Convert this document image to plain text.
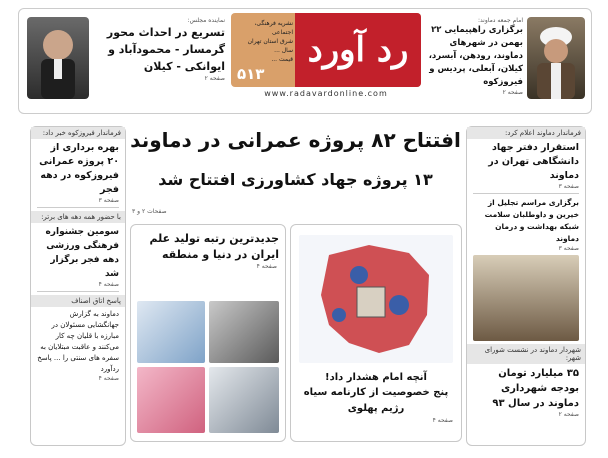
نماینده مجلس:
تسریع در احداث محور گرمسار - محمودآباد و ایوانکی - کیلان
صفحه ۲
نشریه فرهنگی، اجتماعی
شرق استان تهران
سال ...
قیمت ...
۵۱۳
رد آورد
www.radavardonline.com
امام جمعه دماوند:
برگزاری راهپیمایی ۲۲ بهمن در شهرهای دماوند، رودهن، آبسرد، کیلان، آبعلی، پردیس و فیروزکوه
صفحه ۲
افتتاح ۸۲ پروژه عمرانی در دماوند
۱۳ پروژه جهاد کشاورزی افتتاح شد
صفحات ۲ و ۳
فرماندار فیروزکوه خبر داد:
بهره برداری از ۲۰ پروژه عمرانی فیروزکوه در دهه فجر
صفحه ۳
با حضور همه دهه های برتر:
سومین جشنواره فرهنگی ورزشی دهه فجر برگزار شد
صفحه ۴
پاسخ اتاق اصناف
دماوند به گزارش جهانگشایی مسئولان در مبارزه با قلیان چه کار می‌کنند و عاقبت مبتلایان به سفره های سنتی را ... پاسخ ردآورد
صفحه ۴
جدیدترین رتبه تولید علم ایران در دنیا و منطقه
صفحه ۴
آنچه امام هشدار داد!
پنج خصوصیت از کارنامه سیاه رژیم پهلوی
صفحه ۴
فرماندار دماوند اعلام کرد:
استقرار دفتر جهاد دانشگاهی تهران در دماوند
صفحه ۳
برگزاری مراسم تجلیل از خیرین و داوطلبان سلامت شبکه بهداشت و درمان دماوند
صفحه ۳
شهردار دماوند در نشست شورای شهر:
۳۵ میلیارد تومان بودجه شهرداری دماوند در سال ۹۳
صفحه ۲
